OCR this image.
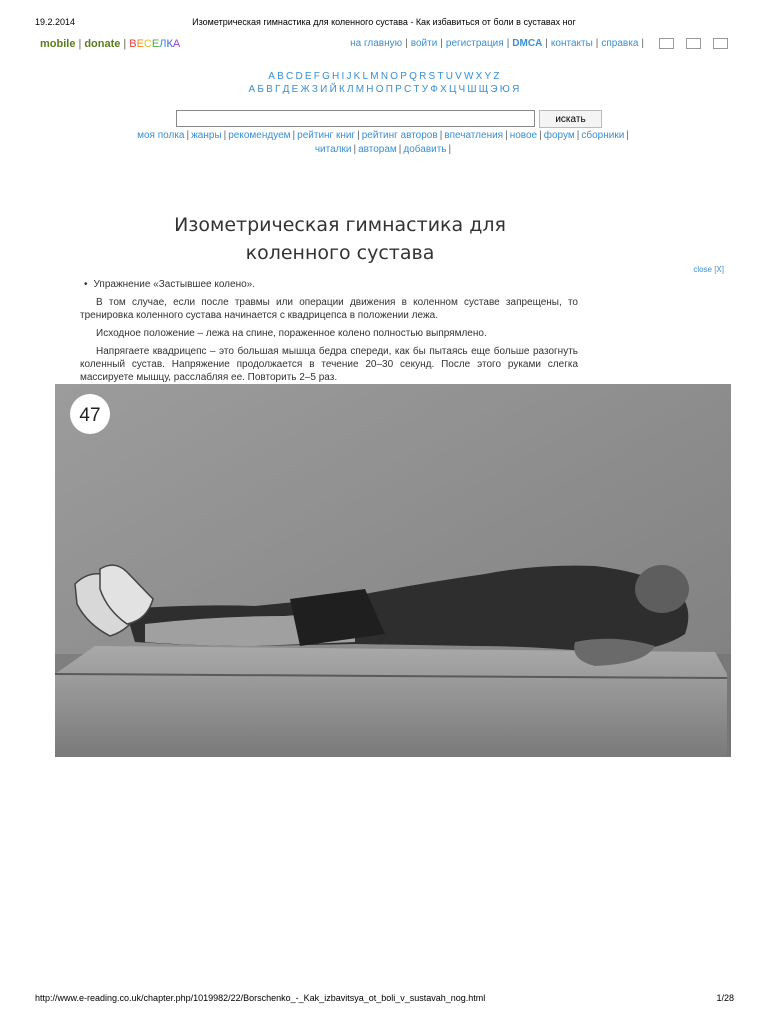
19.2.2014	Изометрическая гимнастика для коленного сустава - Как избавиться от боли в суставах ног
mobile | donate | ВЕСЕЛКА	на главную | войти | регистрация | DMCA | контакты | справка |
A B C D E F G H I J K L M N O P Q R S T U V W X Y Z
А Б В Г Д Е Ж З И Й К Л М Н О П Р С Т У Ф Х Ц Ч Ш Щ Э Ю Я
искать
моя полка | жанры | рекомендуем | рейтинг книг | рейтинг авторов | впечатления | новое | форум | сборники |
читалки | авторам | добавить |
Изометрическая гимнастика для коленного сустава
close [X]

• Упражнение «Застывшее колено».

В том случае, если после травмы или операции движения в коленном суставе запрещены, то тренировка коленного сустава начинается с квадрицепса в положении лежа.

Исходное положение – лежа на спине, пораженное колено полностью выпрямлено.

Напрягаете квадрицепс – это большая мышца бедра спереди, как бы пытаясь еще больше разогнуть коленный сустав. Напряжение продолжается в течение 20–30 секунд. После этого руками слегка массируете мышцу, расслабляя ее. Повторить 2–5 раз.

47
http://www.e-reading.co.uk/chapter.php/1019982/22/Borschenko_-_Kak_izbavitsya_ot_boli_v_sustavah_nog.html	1/28
